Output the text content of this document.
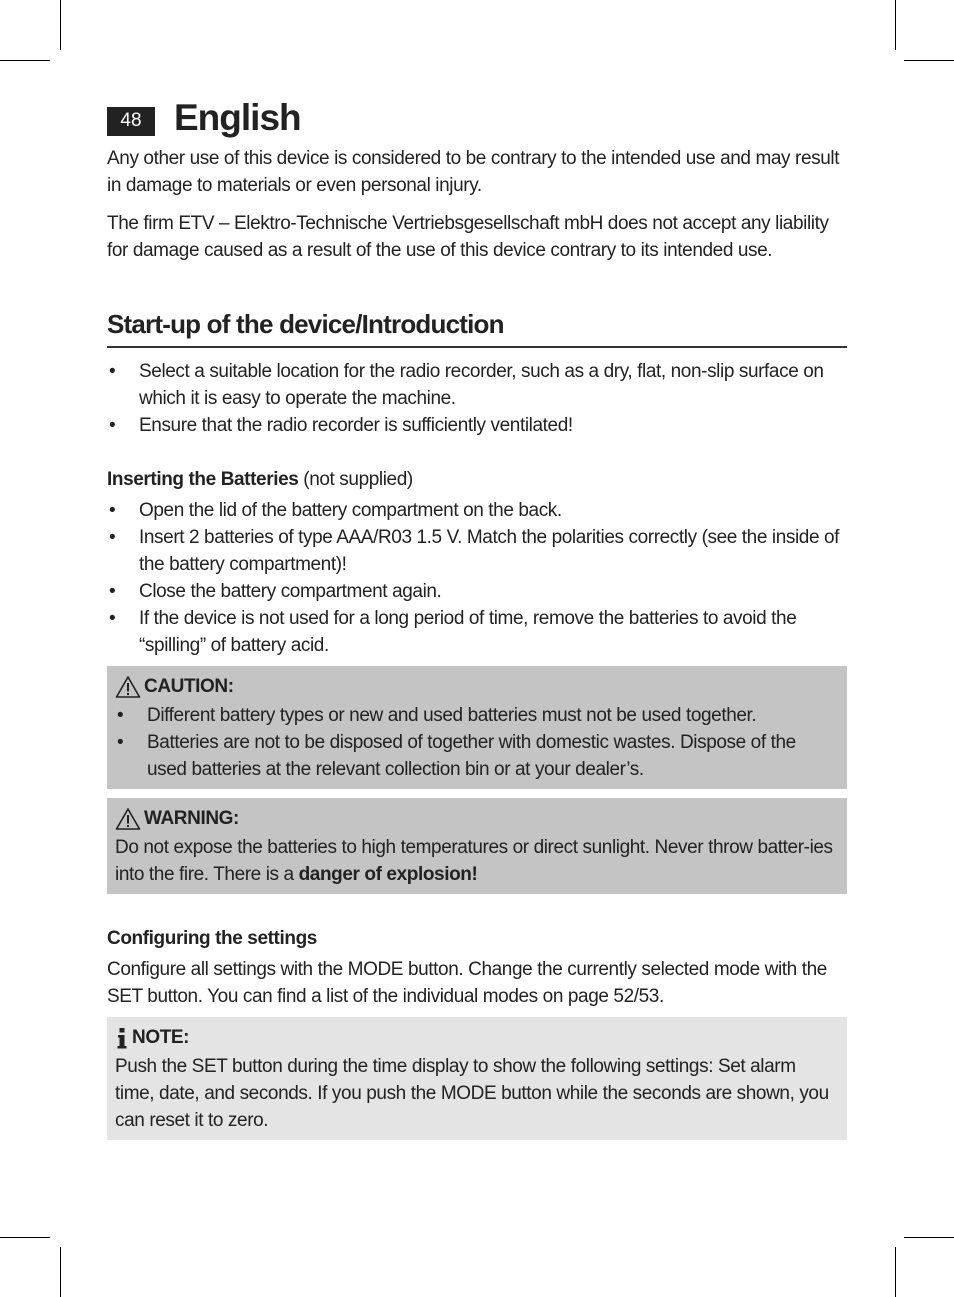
48 English

Any other use of this device is considered to be contrary to the intended use and may result in damage to materials or even personal injury.

The firm ETV – Elektro-Technische Vertriebsgesellschaft mbH does not accept any liability for damage caused as a result of the use of this device contrary to its intended use.

Start-up of the device/Introduction
• Select a suitable location for the radio recorder, such as a dry, flat, non-slip surface on which it is easy to operate the machine.
• Ensure that the radio recorder is sufficiently ventilated!
Inserting the Batteries (not supplied)
• Open the lid of the battery compartment on the back.
• Insert 2 batteries of type AAA/R03 1.5 V. Match the polarities correctly (see the inside of the battery compartment)!
• Close the battery compartment again.
• If the device is not used for a long period of time, remove the batteries to avoid the “spilling” of battery acid.
CAUTION:
• Different battery types or new and used batteries must not be used together.
• Batteries are not to be disposed of together with domestic wastes. Dispose of the used batteries at the relevant collection bin or at your dealer’s.
WARNING:

Do not expose the batteries to high temperatures or direct sunlight. Never throw batter-ies into the fire. There is a danger of explosion!

Configuring the settings

Configure all settings with the MODE button. Change the currently selected mode with the SET button. You can find a list of the individual modes on page 52/53.

NOTE:

Push the SET button during the time display to show the following settings: Set alarm time, date, and seconds. If you push the MODE button while the seconds are shown, you can reset it to zero.
